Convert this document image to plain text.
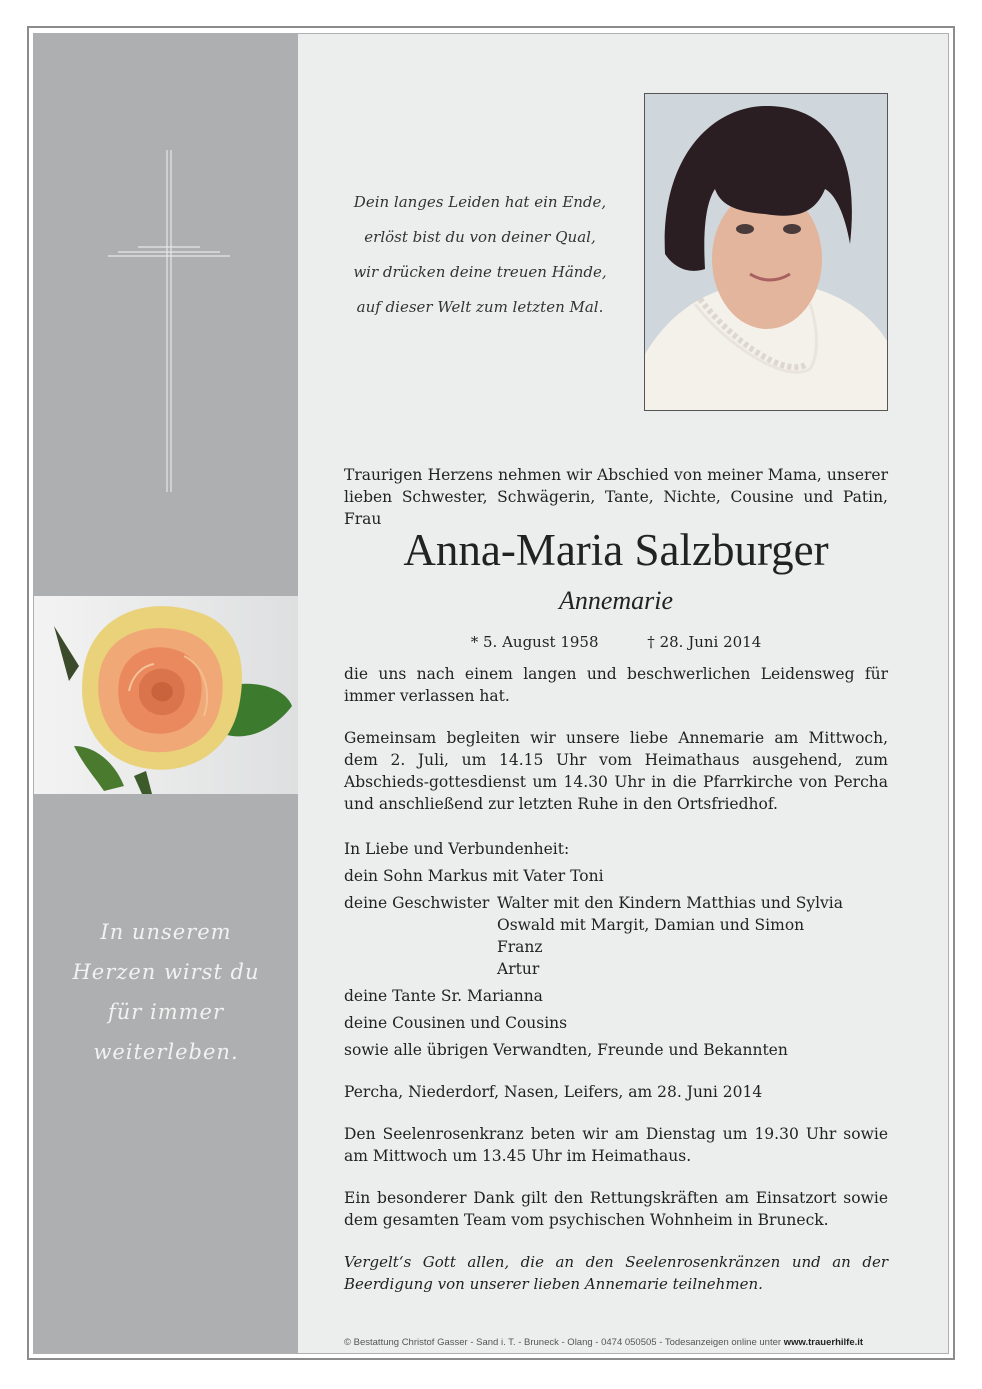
In unserem
Herzen wirst du
für immer
weiterleben.
Dein langes Leiden hat ein Ende,
erlöst bist du von deiner Qual,
wir drücken deine treuen Hände,
auf dieser Welt zum letzten Mal.
Traurigen Herzens nehmen wir Abschied von meiner Mama, unserer lieben Schwester, Schwägerin, Tante, Nichte, Cousine und Patin, Frau
Anna-Maria Salzburger
Annemarie
* 5. August 1958	† 28. Juni 2014
die uns nach einem langen und beschwerlichen Leidensweg für immer verlassen hat.
Gemeinsam begleiten wir unsere liebe Annemarie am Mittwoch, dem 2. Juli, um 14.15 Uhr vom Heimathaus ausgehend, zum Abschieds-gottesdienst um 14.30 Uhr in die Pfarrkirche von Percha und anschließend zur letzten Ruhe in den Ortsfriedhof.
In Liebe und Verbundenheit:
dein Sohn Markus mit Vater Toni
deine Geschwister Walter mit den Kindern Matthias und Sylvia
Oswald mit Margit, Damian und Simon
Franz
Artur
deine Tante Sr. Marianna
deine Cousinen und Cousins
sowie alle übrigen Verwandten, Freunde und Bekannten
Percha, Niederdorf, Nasen, Leifers, am 28. Juni 2014
Den Seelenrosenkranz beten wir am Dienstag um 19.30 Uhr sowie am Mittwoch um 13.45 Uhr im Heimathaus.
Ein besonderer Dank gilt den Rettungskräften am Einsatzort sowie dem gesamten Team vom psychischen Wohnheim in Bruneck.
Vergelt‘s Gott allen, die an den Seelenrosenkränzen und an der Beerdigung von unserer lieben Annemarie teilnehmen.
© Bestattung Christof Gasser - Sand i. T. - Bruneck - Olang - 0474 050505 - Todesanzeigen online unter www.trauerhilfe.it
